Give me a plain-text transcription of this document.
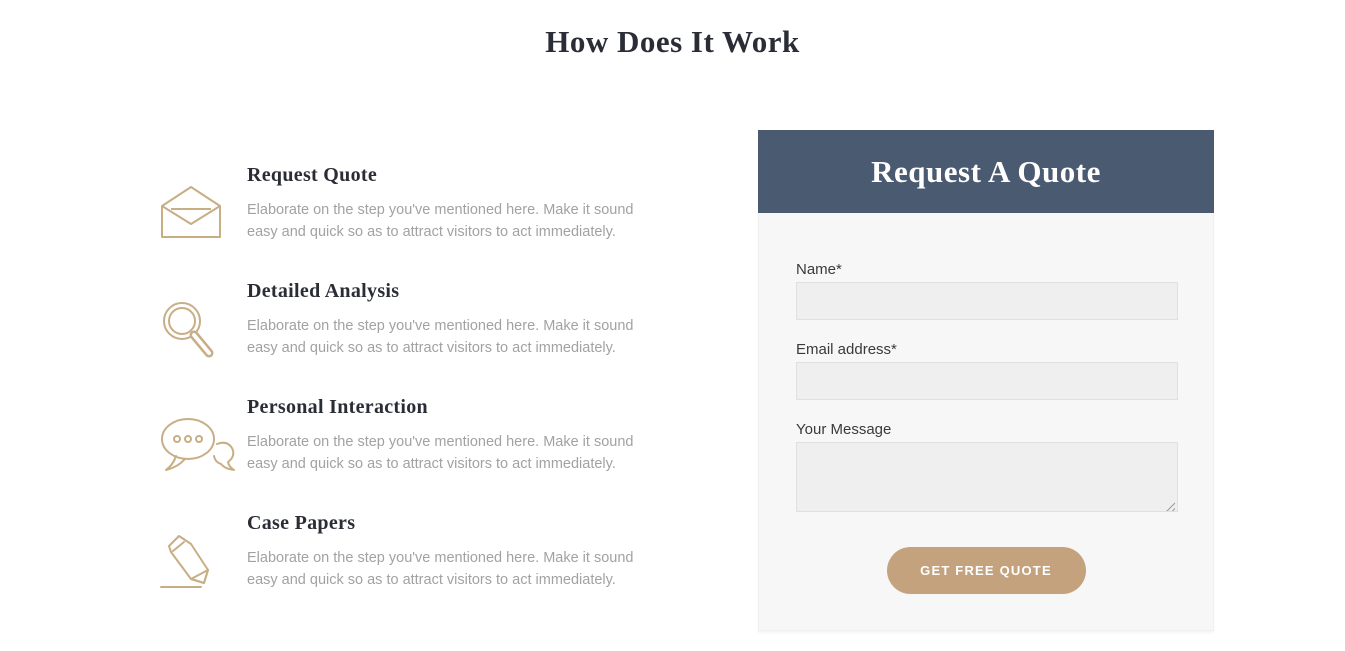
How Does It Work
Request Quote
Elaborate on the step you've mentioned here. Make it sound easy and quick so as to attract visitors to act immediately.
Detailed Analysis
Elaborate on the step you've mentioned here. Make it sound easy and quick so as to attract visitors to act immediately.
Personal Interaction
Elaborate on the step you've mentioned here. Make it sound easy and quick so as to attract visitors to act immediately.
Case Papers
Elaborate on the step you've mentioned here. Make it sound easy and quick so as to attract visitors to act immediately.
Request A Quote
Name*
Email address*
Your Message
GET FREE QUOTE
